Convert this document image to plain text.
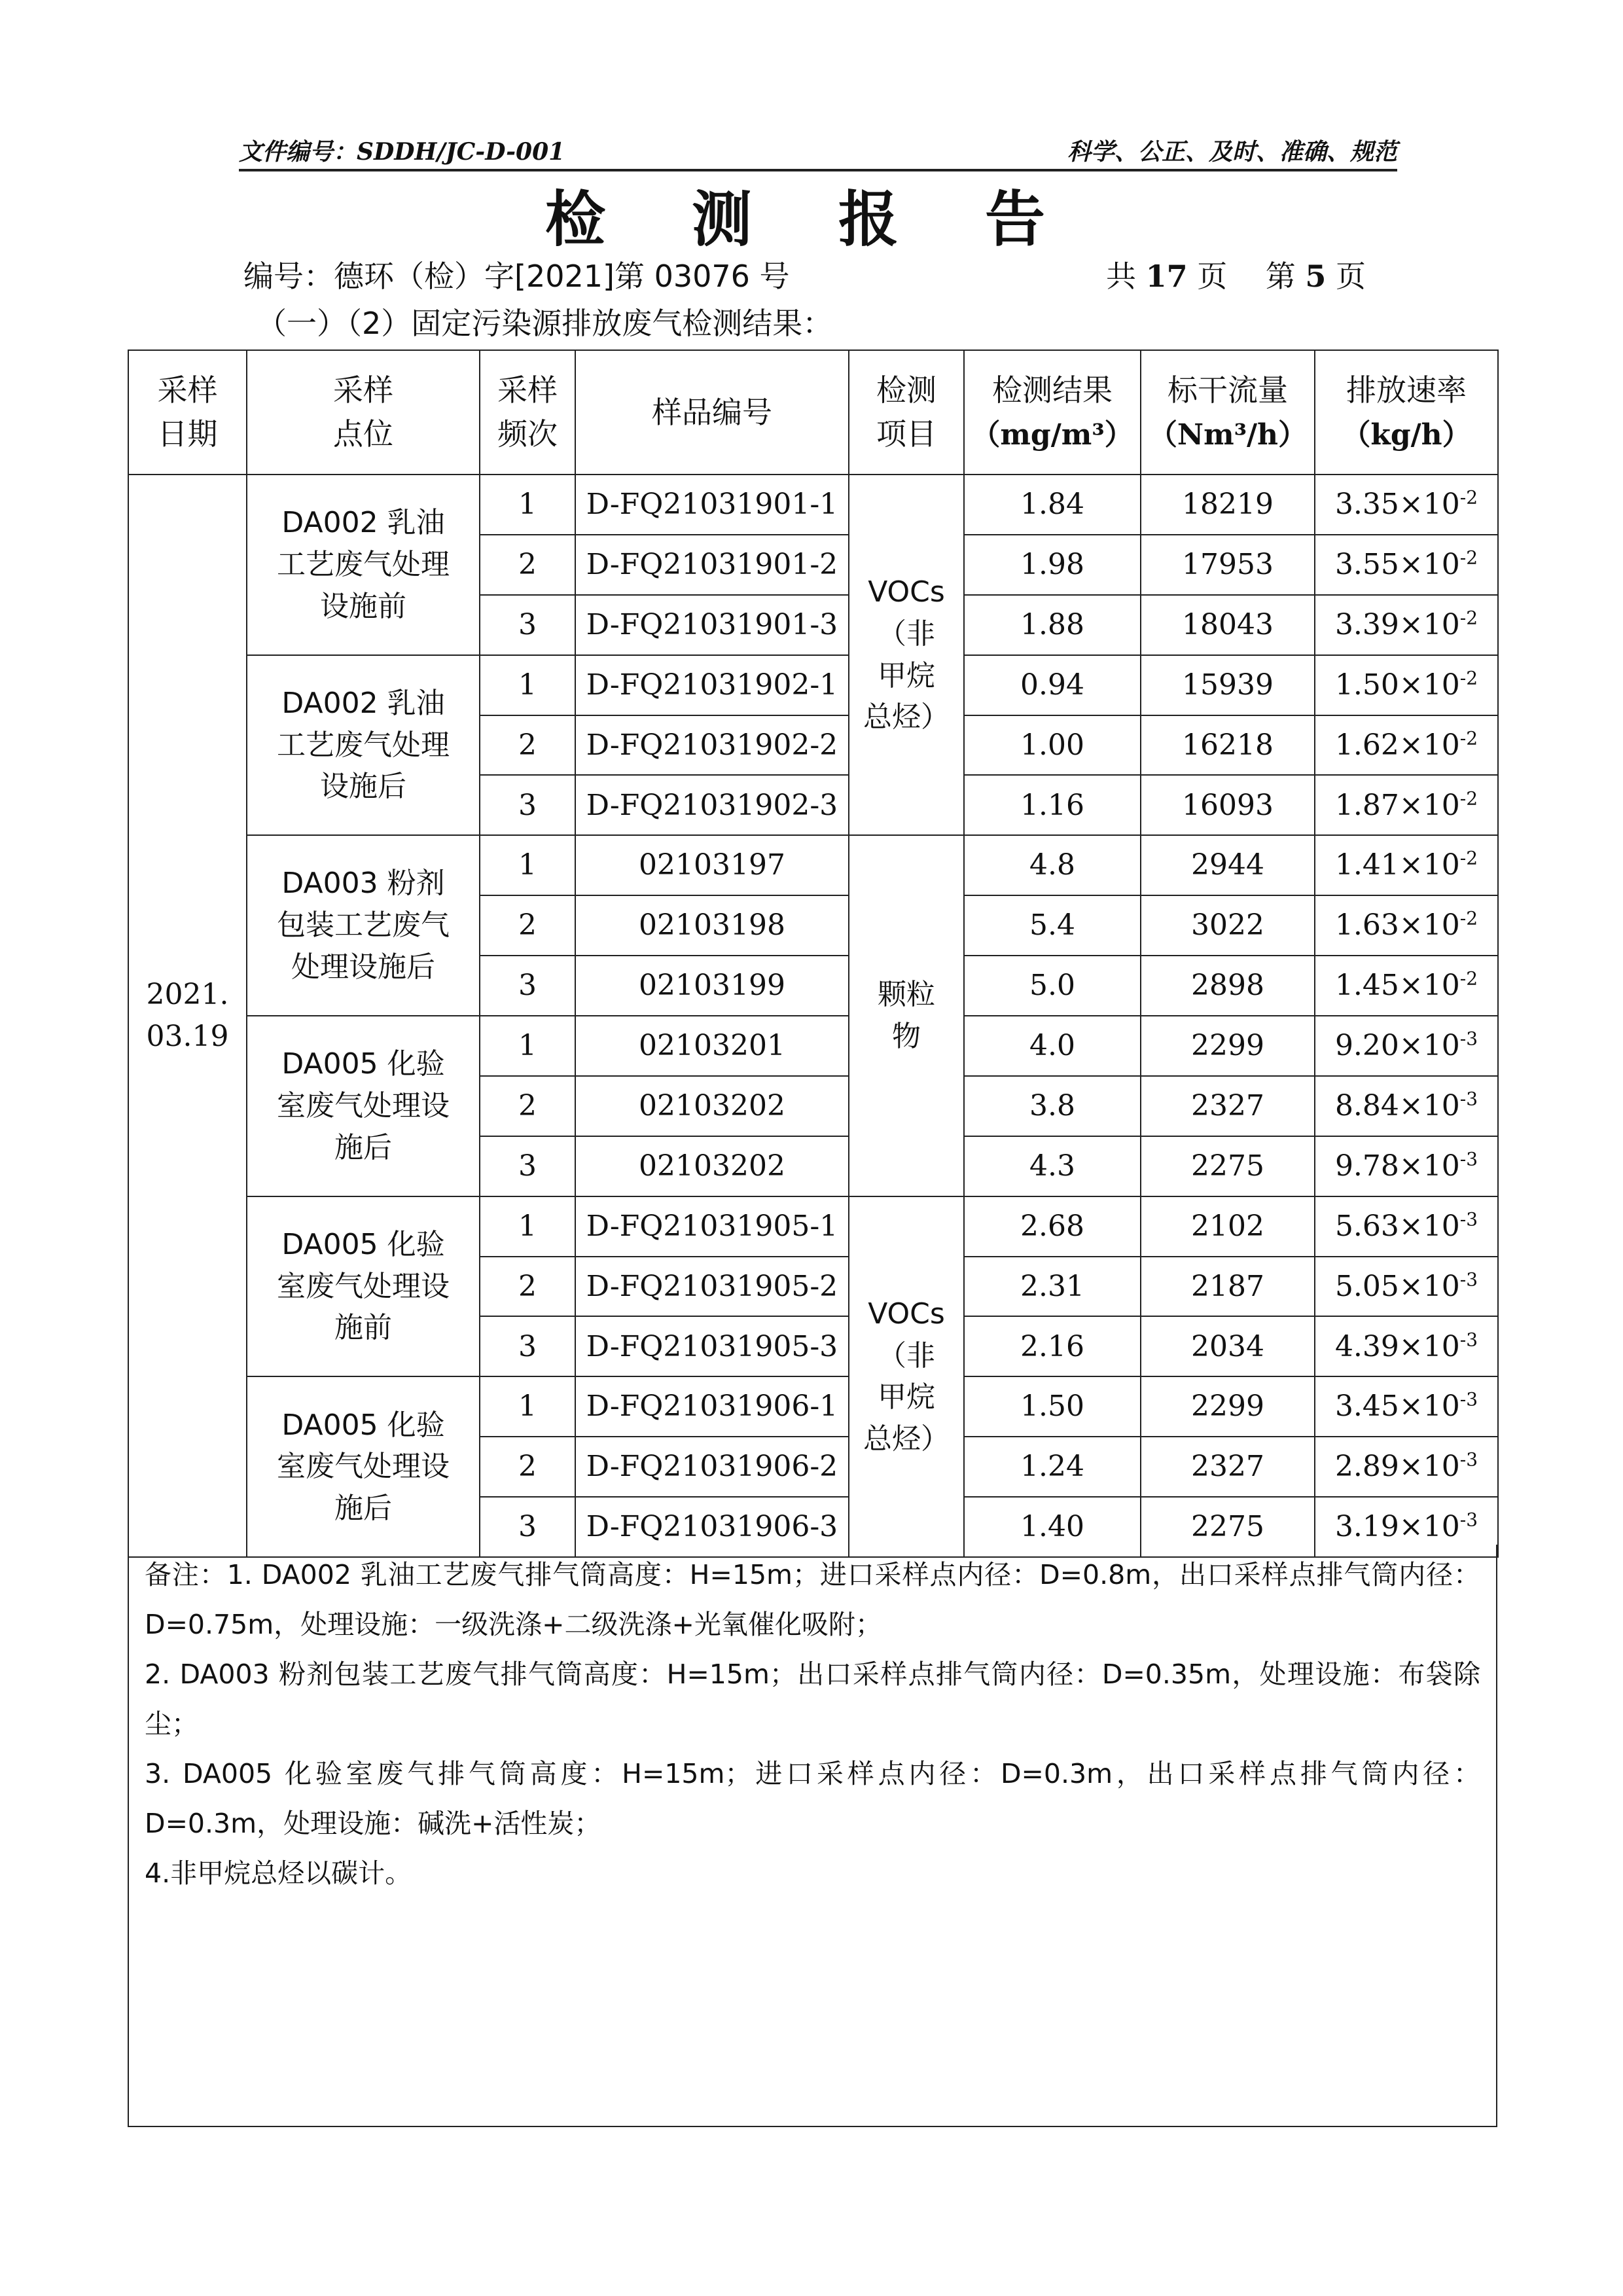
文件编号：SDDH/JC-D-001	科学、公正、及时、准确、规范
检 测 报 告
编号：德环（检）字[2021]第 03076 号	共 17 页 第 5 页
（一）（2）固定污染源排放废气检测结果：
采样
日期	采样
点位	采样
频次	样品编号	检测
项目	检测结果
（mg/m³）	标干流量
（Nm³/h）	排放速率
（kg/h）
2021.
03.19	DA002 乳油
工艺废气处理
设施前	1	D-FQ21031901-1	VOCs
（非
甲烷
总烃）	1.84	18219	$3.35\times 10^{-2}$
		2	D-FQ21031901-2		1.98	17953	$3.55\times 10^{-2}$
		3	D-FQ21031901-3		1.88	18043	$3.39\times 10^{-2}$
	DA002 乳油
工艺废气处理
设施后	1	D-FQ21031902-1		0.94	15939	$1.50\times 10^{-2}$
		2	D-FQ21031902-2		1.00	16218	$1.62\times 10^{-2}$
		3	D-FQ21031902-3		1.16	16093	$1.87\times 10^{-2}$
	DA003 粉剂
包装工艺废气
处理设施后	1	02103197	颗粒
物	4.8	2944	$1.41\times 10^{-2}$
		2	02103198		5.4	3022	$1.63\times 10^{-2}$
		3	02103199		5.0	2898	$1.45\times 10^{-2}$
	DA005 化验
室废气处理设
施后	1	02103201		4.0	2299	$9.20\times 10^{-3}$
		2	02103202		3.8	2327	$8.84\times 10^{-3}$
		3	02103202		4.3	2275	$9.78\times 10^{-3}$
	DA005 化验
室废气处理设
施前	1	D-FQ21031905-1	VOCs
（非
甲烷
总烃）	2.68	2102	$5.63\times 10^{-3}$
		2	D-FQ21031905-2		2.31	2187	$5.05\times 10^{-3}$
		3	D-FQ21031905-3		2.16	2034	$4.39\times 10^{-3}$
	DA005 化验
室废气处理设
施后	1	D-FQ21031906-1		1.50	2299	$3.45\times 10^{-3}$
		2	D-FQ21031906-2		1.24	2327	$2.89\times 10^{-3}$
		3	D-FQ21031906-3		1.40	2275	$3.19\times 10^{-3}$

备注：1. DA002 乳油工艺废气排气筒高度：H=15m；进口采样点内径：D=0.8m，出口采样点排气筒内径：D=0.75m，处理设施：一级洗涤+二级洗涤+光氧催化吸附；

2. DA003 粉剂包装工艺废气排气筒高度：H=15m；出口采样点排气筒内径：D=0.35m，处理设施：布袋除尘；

3. DA005 化验室废气排气筒高度：H=15m；进口采样点内径：D=0.3m，出口采样点排气筒内径：D=0.3m，处理设施：碱洗+活性炭；

4.非甲烷总烃以碳计。
